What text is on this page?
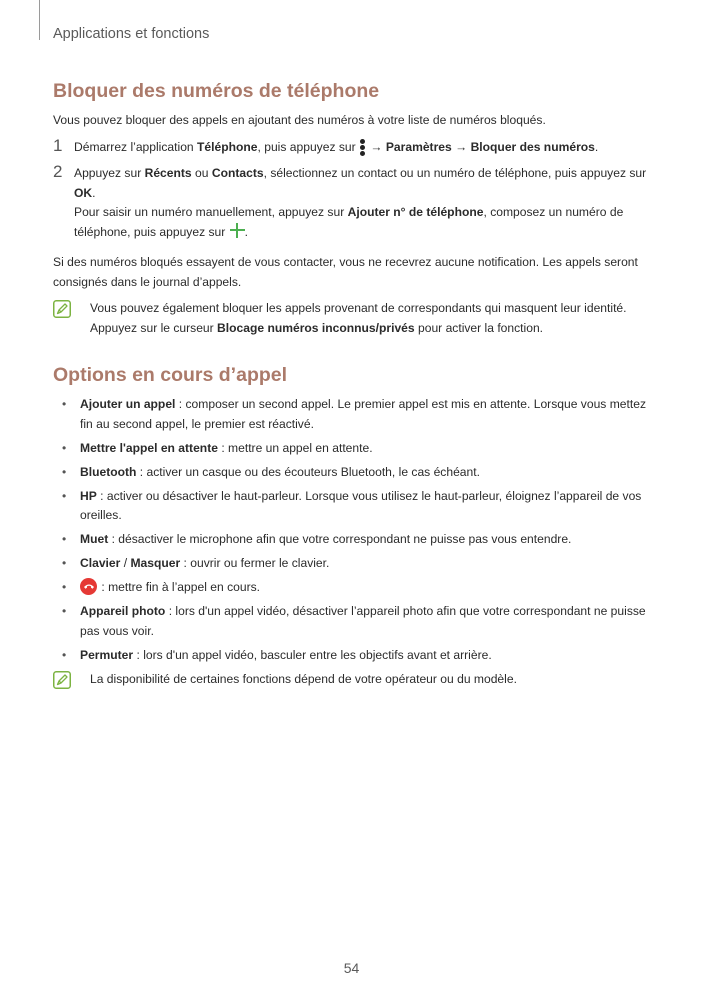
Applications et fonctions
Bloquer des numéros de téléphone

Vous pouvez bloquer des appels en ajoutant des numéros à votre liste de numéros bloqués.

1 Démarrez l’application Téléphone, puis appuyez sur
→ Paramètres → Bloquer des numéros.
2 Appuyez sur Récents ou Contacts, sélectionnez un contact ou un numéro de téléphone, puis appuyez sur OK.

Pour saisir un numéro manuellement, appuyez sur Ajouter n° de téléphone, composez un numéro de téléphone, puis appuyez sur
.

Si des numéros bloqués essayent de vous contacter, vous ne recevrez aucune notification. Les appels seront consignés dans le journal d’appels.

Vous pouvez également bloquer les appels provenant de correspondants qui masquent leur identité. Appuyez sur le curseur Blocage numéros inconnus/privés pour activer la fonction.
Options en cours d’appel
• Ajouter un appel : composer un second appel. Le premier appel est mis en attente. Lorsque vous mettez fin au second appel, le premier est réactivé.
• Mettre l'appel en attente : mettre un appel en attente.
• Bluetooth : activer un casque ou des écouteurs Bluetooth, le cas échéant.
• HP : activer ou désactiver le haut-parleur. Lorsque vous utilisez le haut-parleur, éloignez l’appareil de vos oreilles.
• Muet : désactiver le microphone afin que votre correspondant ne puisse pas vous entendre.
• Clavier / Masquer : ouvrir ou fermer le clavier.
•	: mettre fin à l’appel en cours.
• Appareil photo : lors d'un appel vidéo, désactiver l’appareil photo afin que votre correspondant ne puisse pas vous voir.
• Permuter : lors d'un appel vidéo, basculer entre les objectifs avant et arrière.
La disponibilité de certaines fonctions dépend de votre opérateur ou du modèle.
54
